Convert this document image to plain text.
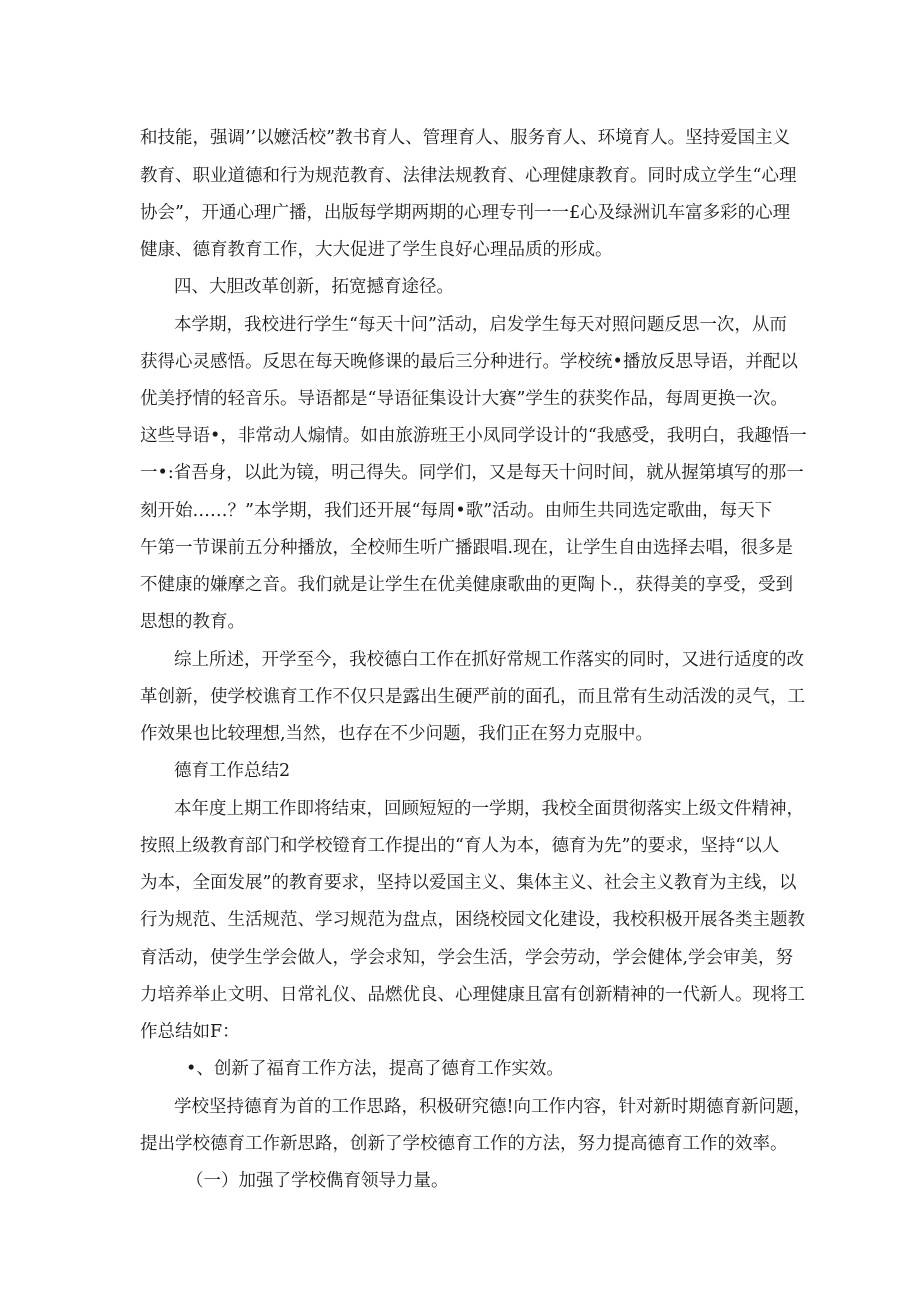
和技能，强调’’以嬷活校”教书育人、管理育人、服务育人、环境育人。坚持爱国主义

教育、职业道德和行为规范教育、法律法规教育、心理健康教育。同时成立学生“心理

协会”，开通心理广播，出版每学期两期的心理专刊一一£心及绿洲讥车富多彩的心理

健康、德育教育工作，大大促进了学生良好心理品质的形成。

四、大胆改革创新，拓宽撼育途径。

本学期，我校进行学生“每天十问”活动，启发学生每天对照问题反思一次，从而

获得心灵感悟。反思在每天晚修课的最后三分种进行。学校统•播放反思导语，并配以

优美抒情的轻音乐。导语都是“导语征集设计大赛”学生的获奖作品，每周更换一次。

这些导语•，非常动人煽情。如由旅游班王小凤同学设计的“我感受，我明白，我趣悟一

一•:省吾身，以此为镜，明己得失。同学们，又是每天十问时间，就从握第填写的那一

刻开始……？”本学期，我们还开展“每周•歌”活动。由师生共同选定歌曲，每天下

午第一节课前五分种播放，全校师生听广播跟唱.现在，让学生自由选择去唱，很多是

不健康的嫌摩之音。我们就是让学生在优美健康歌曲的更陶卜.，获得美的享受，受到

思想的教育。

综上所述，开学至今，我校德白工作在抓好常规工作落实的同时，又进行适度的改

革创新，使学校谯育工作不仅只是露出生硬严前的面孔，而且常有生动活泼的灵气，工

作效果也比较理想,当然，也存在不少问题，我们正在努力克服中。

德育工作总结2

本年度上期工作即将结束，回顾短短的一学期，我校全面贯彻落实上级文件精神，

按照上级教育部门和学校镫育工作提出的“育人为本，德育为先”的要求，坚持“以人

为本，全面发展”的教育要求，坚持以爱国主义、集体主义、社会主义教育为主线，以

行为规范、生活规范、学习规范为盘点，困绕校园文化建设，我校积极开展各类主题教

育活动，使学生学会做人，学会求知，学会生活，学会劳动，学会健体,学会审美，努

力培养举止文明、日常礼仪、品燃优良、心理健康且富有创新精神的一代新人。现将工

作总结如F：

•、创新了福育工作方法，提高了德育工作实效。

学校坚持德育为首的工作思路，积极研究德!向工作内容，针对新时期德育新问题，

提出学校德育工作新思路，创新了学校德育工作的方法，努力提高德育工作的效率。

（一）加强了学校儁育领导力量。
